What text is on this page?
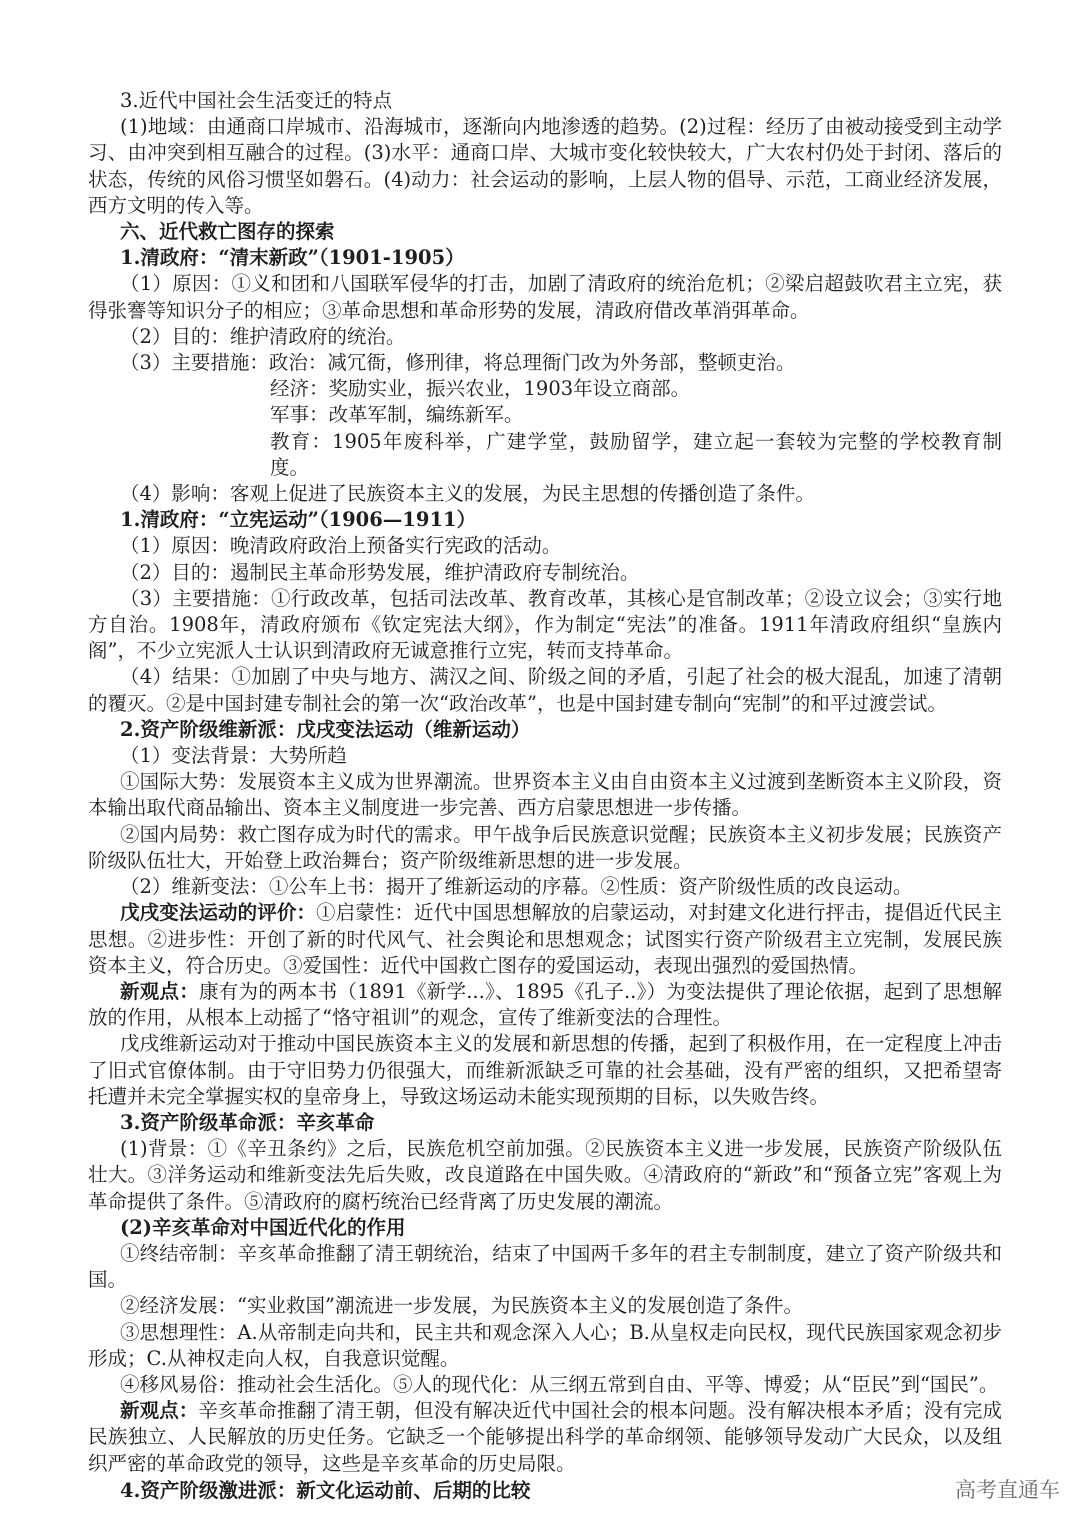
3.近代中国社会生活变迁的特点

(1)地域：由通商口岸城市、沿海城市，逐渐向内地渗透的趋势。(2)过程：经历了由被动接受到主动学习、由冲突到相互融合的过程。(3)水平：通商口岸、大城市变化较快较大，广大农村仍处于封闭、落后的状态，传统的风俗习惯坚如磐石。(4)动力：社会运动的影响，上层人物的倡导、示范，工商业经济发展，西方文明的传入等。

六、近代救亡图存的探索

1.清政府：“清末新政”（1901-1905）

（1）原因：①义和团和八国联军侵华的打击，加剧了清政府的统治危机；②梁启超鼓吹君主立宪，获得张謇等知识分子的相应；③革命思想和革命形势的发展，清政府借改革消弭革命。

（2）目的：维护清政府的统治。

（3）主要措施：政治：减冗衙，修刑律，将总理衙门改为外务部，整顿吏治。

经济：奖励实业，振兴农业，1903年设立商部。

军事：改革军制，编练新军。

教育：1905年废科举，广建学堂，鼓励留学，建立起一套较为完整的学校教育制度。

（4）影响：客观上促进了民族资本主义的发展，为民主思想的传播创造了条件。

1.清政府：“立宪运动”（1906—1911）

（1）原因：晚清政府政治上预备实行宪政的活动。

（2）目的：遏制民主革命形势发展，维护清政府专制统治。

（3）主要措施：①行政改革，包括司法改革、教育改革，其核心是官制改革；②设立议会；③实行地方自治。1908年，清政府颁布《钦定宪法大纲》，作为制定“宪法”的准备。1911年清政府组织“皇族内阁”，不少立宪派人士认识到清政府无诚意推行立宪，转而支持革命。

（4）结果：①加剧了中央与地方、满汉之间、阶级之间的矛盾，引起了社会的极大混乱，加速了清朝的覆灭。②是中国封建专制社会的第一次“政治改革”，也是中国封建专制向“宪制”的和平过渡尝试。

2.资产阶级维新派：戊戌变法运动（维新运动）

（1）变法背景：大势所趋

①国际大势：发展资本主义成为世界潮流。世界资本主义由自由资本主义过渡到垄断资本主义阶段，资本输出取代商品输出、资本主义制度进一步完善、西方启蒙思想进一步传播。

②国内局势：救亡图存成为时代的需求。甲午战争后民族意识觉醒；民族资本主义初步发展；民族资产阶级队伍壮大，开始登上政治舞台；资产阶级维新思想的进一步发展。

（2）维新变法：①公车上书：揭开了维新运动的序幕。②性质：资产阶级性质的改良运动。

戊戌变法运动的评价：①启蒙性：近代中国思想解放的启蒙运动，对封建文化进行抨击，提倡近代民主思想。②进步性：开创了新的时代风气、社会舆论和思想观念；试图实行资产阶级君主立宪制，发展民族资本主义，符合历史。③爱国性：近代中国救亡图存的爱国运动，表现出强烈的爱国热情。

新观点：康有为的两本书（1891《新学...》、1895《孔子..》）为变法提供了理论依据，起到了思想解放的作用，从根本上动摇了“恪守祖训”的观念，宣传了维新变法的合理性。

戊戌维新运动对于推动中国民族资本主义的发展和新思想的传播，起到了积极作用，在一定程度上冲击了旧式官僚体制。由于守旧势力仍很强大，而维新派缺乏可靠的社会基础，没有严密的组织，又把希望寄托遭并未完全掌握实权的皇帝身上，导致这场运动未能实现预期的目标，以失败告终。

3.资产阶级革命派：辛亥革命

(1)背景：①《辛丑条约》之后，民族危机空前加强。②民族资本主义进一步发展，民族资产阶级队伍壮大。③洋务运动和维新变法先后失败，改良道路在中国失败。④清政府的“新政”和“预备立宪”客观上为革命提供了条件。⑤清政府的腐朽统治已经背离了历史发展的潮流。

(2)辛亥革命对中国近代化的作用

①终结帝制：辛亥革命推翻了清王朝统治，结束了中国两千多年的君主专制制度，建立了资产阶级共和国。

②经济发展：“实业救国”潮流进一步发展，为民族资本主义的发展创造了条件。

③思想理性：A.从帝制走向共和，民主共和观念深入人心；B.从皇权走向民权，现代民族国家观念初步形成；C.从神权走向人权，自我意识觉醒。

④移风易俗：推动社会生活化。⑤人的现代化：从三纲五常到自由、平等、博爱；从“臣民”到“国民”。

新观点：辛亥革命推翻了清王朝，但没有解决近代中国社会的根本问题。没有解决根本矛盾；没有完成民族独立、人民解放的历史任务。它缺乏一个能够提出科学的革命纲领、能够领导发动广大民众，以及组织严密的革命政党的领导，这些是辛亥革命的历史局限。

4.资产阶级激进派：新文化运动前、后期的比较	高考直通车
